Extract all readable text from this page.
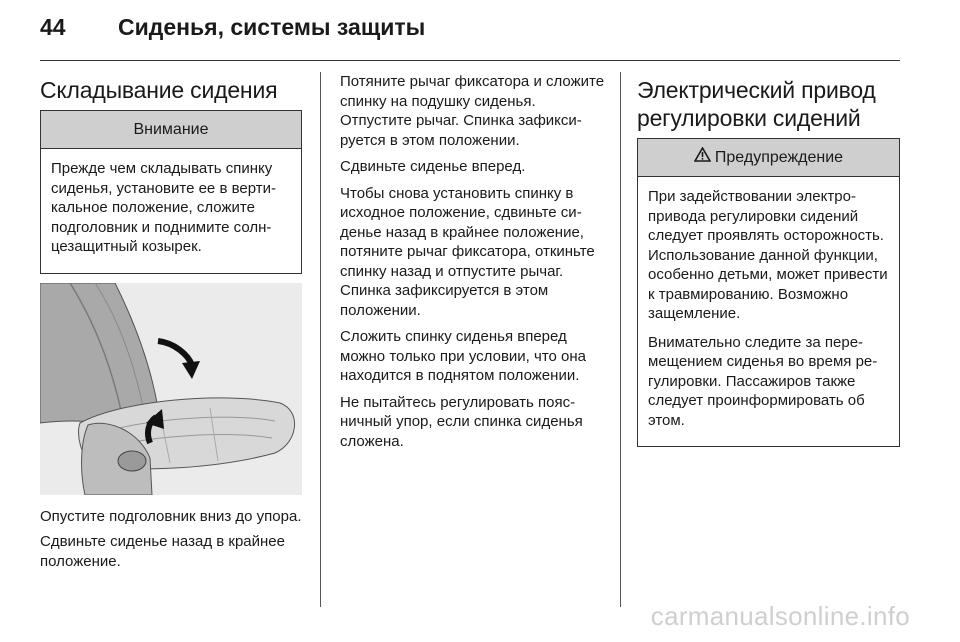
44	Сиденья, системы защиты
Складывание сидения
Внимание

Прежде чем складывать спинку сиденья, установите ее в вертикальное положение, сложите подголовник и поднимите солнцезащитный козырек.

Опустите подголовник вниз до упора.

Сдвиньте сиденье назад в крайнее положение.

Потяните рычаг фиксатора и сложите спинку на подушку сиденья. Отпустите рычаг. Спинка зафиксируется в этом положении.

Сдвиньте сиденье вперед.

Чтобы снова установить спинку в исходное положение, сдвиньте сиденье назад в крайнее положение, потяните рычаг фиксатора, откиньте спинку назад и отпустите рычаг. Спинка зафиксируется в этом положении.

Сложить спинку сиденья вперед можно только при условии, что она находится в поднятом положении.

Не пытайтесь регулировать поясничный упор, если спинка сиденья сложена.

Электрический привод регулировки сидений
Предупреждение

При задействовании электропривода регулировки сидений следует проявлять осторожность. Использование данной функции, особенно детьми, может привести к травмированию. Возможно защемление.

Внимательно следите за перемещением сиденья во время регулировки. Пассажиров также следует проинформировать об этом.

carmanualsonline.info
